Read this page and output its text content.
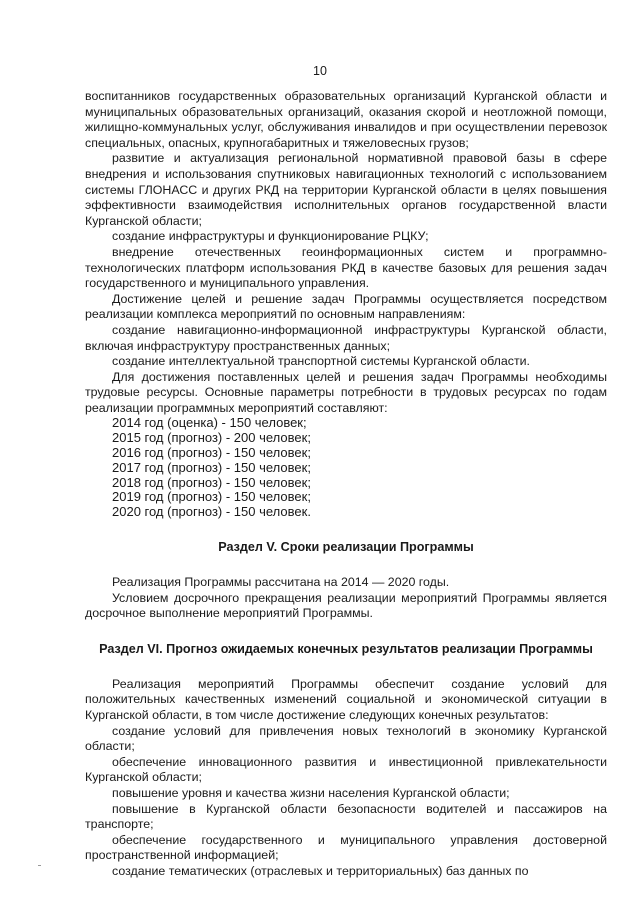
10

воспитанников государственных образовательных организаций Курганской области и муниципальных образовательных организаций, оказания скорой и неотложной помощи, жилищно-коммунальных услуг, обслуживания инвалидов и при осуществлении перевозок специальных, опасных, крупногабаритных и тяжеловесных грузов;

развитие и актуализация региональной нормативной правовой базы в сфере внедрения и использования спутниковых навигационных технологий с использованием системы ГЛОНАСС и других РКД на территории Курганской области в целях повышения эффективности взаимодействия исполнительных органов государственной власти Курганской области;

создание инфраструктуры и функционирование РЦКУ;

внедрение отечественных геоинформационных систем и программно-технологических платформ использования РКД в качестве базовых для решения задач государственного и муниципального управления.

Достижение целей и решение задач Программы осуществляется посредством реализации комплекса мероприятий по основным направлениям:

создание навигационно-информационной инфраструктуры Курганской области, включая инфраструктуру пространственных данных;

создание интеллектуальной транспортной системы Курганской области.

Для достижения поставленных целей и решения задач Программы необходимы трудовые ресурсы. Основные параметры потребности в трудовых ресурсах по годам реализации программных мероприятий составляют:

2014 год (оценка) - 150 человек;

2015 год (прогноз) - 200 человек;

2016 год (прогноз) - 150 человек;

2017 год (прогноз) - 150 человек;

2018 год (прогноз) - 150 человек;

2019 год (прогноз) - 150 человек;

2020 год (прогноз) - 150 человек.

Раздел V. Сроки реализации Программы

Реализация Программы рассчитана на 2014 — 2020 годы.

Условием досрочного прекращения реализации мероприятий Программы является досрочное выполнение мероприятий Программы.

Раздел VI. Прогноз ожидаемых конечных результатов реализации Программы

Реализация мероприятий Программы обеспечит создание условий для положительных качественных изменений социальной и экономической ситуации в Курганской области, в том числе достижение следующих конечных результатов:

создание условий для привлечения новых технологий в экономику Курганской области;

обеспечение инновационного развития и инвестиционной привлекательности Курганской области;

повышение уровня и качества жизни населения Курганской области;

повышение в Курганской области безопасности водителей и пассажиров на транспорте;

обеспечение государственного и муниципального управления достоверной пространственной информацией;

создание тематических (отраслевых и территориальных) баз данных по
